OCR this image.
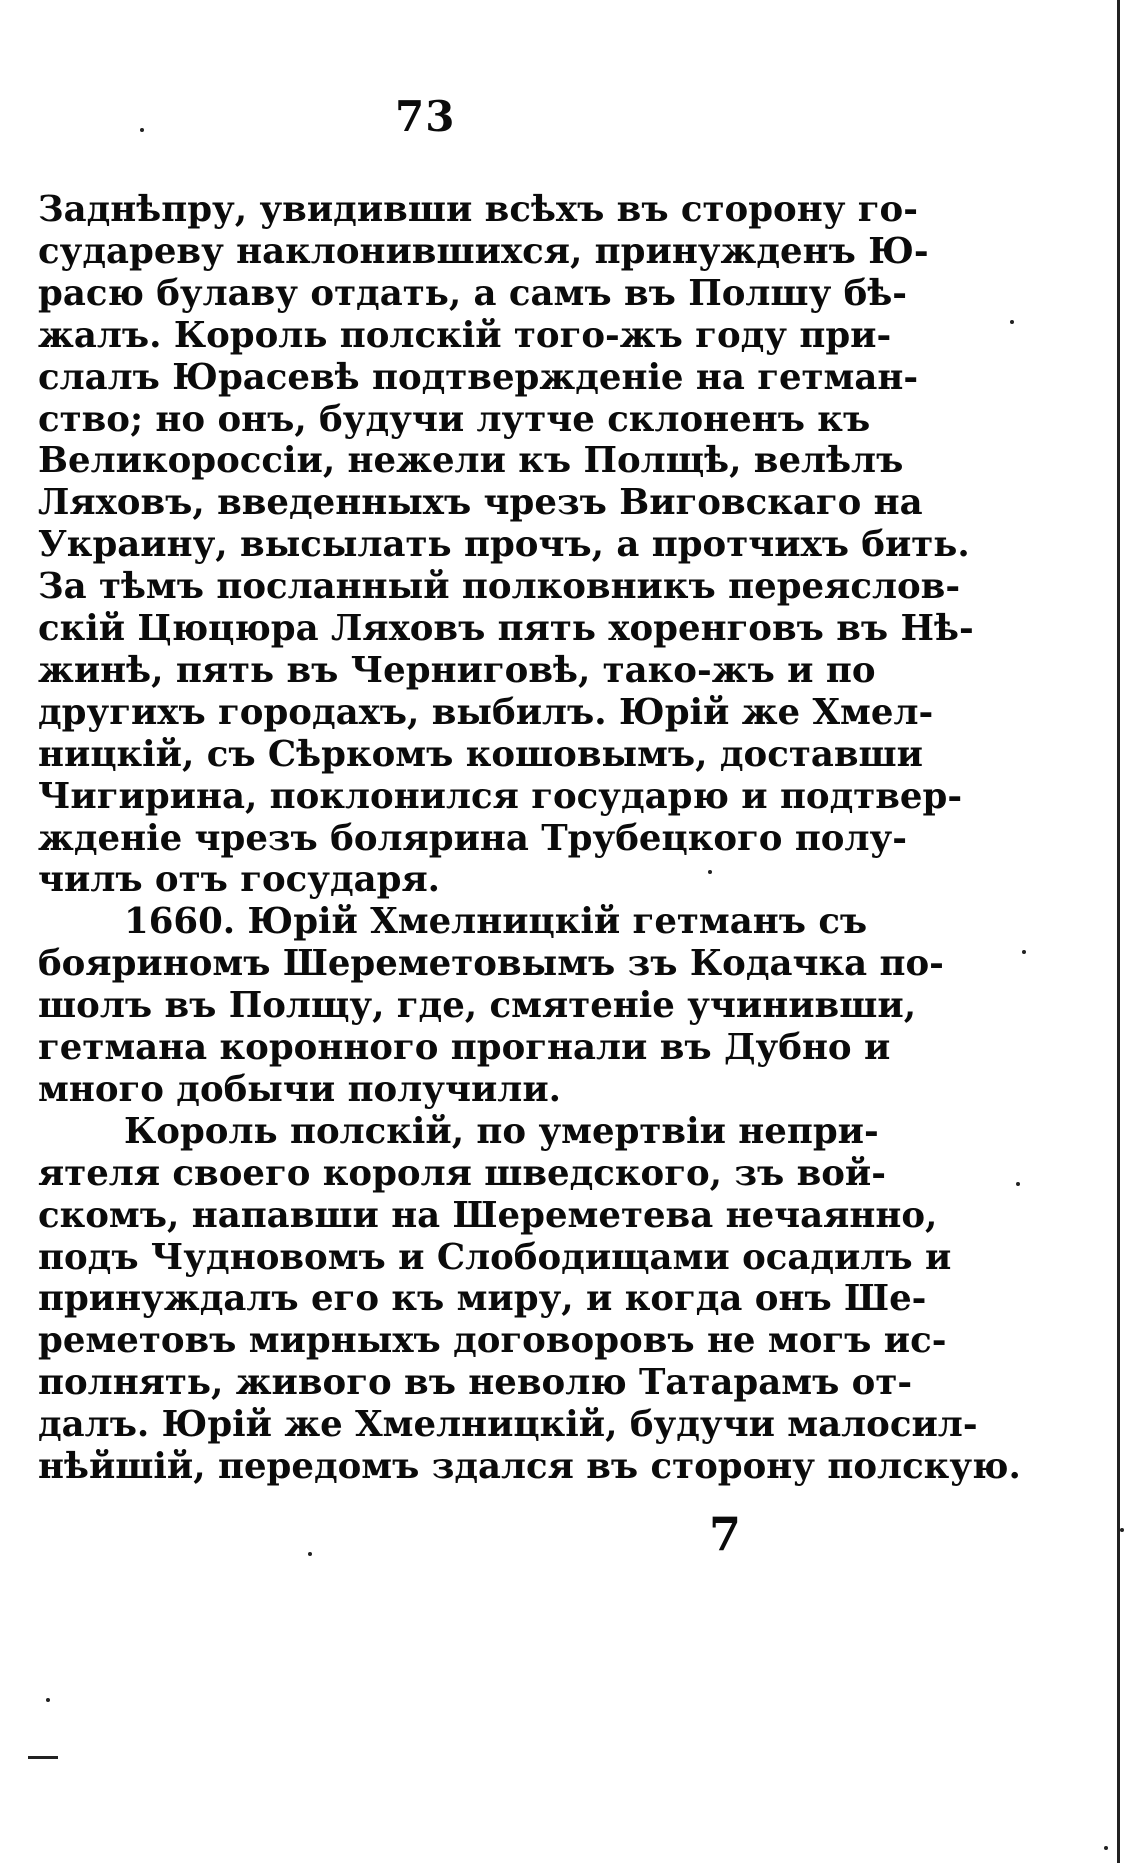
73
Заднѣпру, увидивши всѣхъ въ сторону го-
судареву наклонившихся, принужденъ Ю-
расю булаву отдать, а самъ въ Полшу бѣ-
жалъ. Король полскій того-жъ году при-
слалъ Юрасевѣ подтвержденіе на гетман-
ство; но онъ, будучи лутче склоненъ къ
Великороссіи, нежели къ Полщѣ, велѣлъ
Ляховъ, введенныхъ чрезъ Виговскаго на
Украину, высылать прочъ, а протчихъ бить.
За тѣмъ посланный полковникъ переяслов-
скій Цюцюра Ляховъ пять хоренговъ въ Нѣ-
жинѣ, пять въ Черниговѣ, тако-жъ и по
другихъ городахъ, выбилъ. Юрій же Хмел-
ницкій, съ Сѣркомъ кошовымъ, доставши
Чигирина, поклонился государю и подтвер-
жденіе чрезъ болярина Трубецкого полу-
чилъ отъ государя.
1660. Юрій Хмелницкій гетманъ съ
бояриномъ Шереметовымъ зъ Кодачка по-
шолъ въ Полщу, где, смятеніе учинивши,
гетмана коронного прогнали въ Дубно и
много добычи получили.
Король полскій, по умертвіи непри-
ятеля своего короля шведского, зъ вой-
скомъ, напавши на Шереметева нечаянно,
подъ Чудновомъ и Слободищами осадилъ и
принуждалъ его къ миру, и когда онъ Ше-
реметовъ мирныхъ договоровъ не могъ ис-
полнять, живого въ неволю Татарамъ от-
далъ. Юрій же Хмелницкій, будучи малосил-
нѣйшій, передомъ здался въ сторону полскую.
7
